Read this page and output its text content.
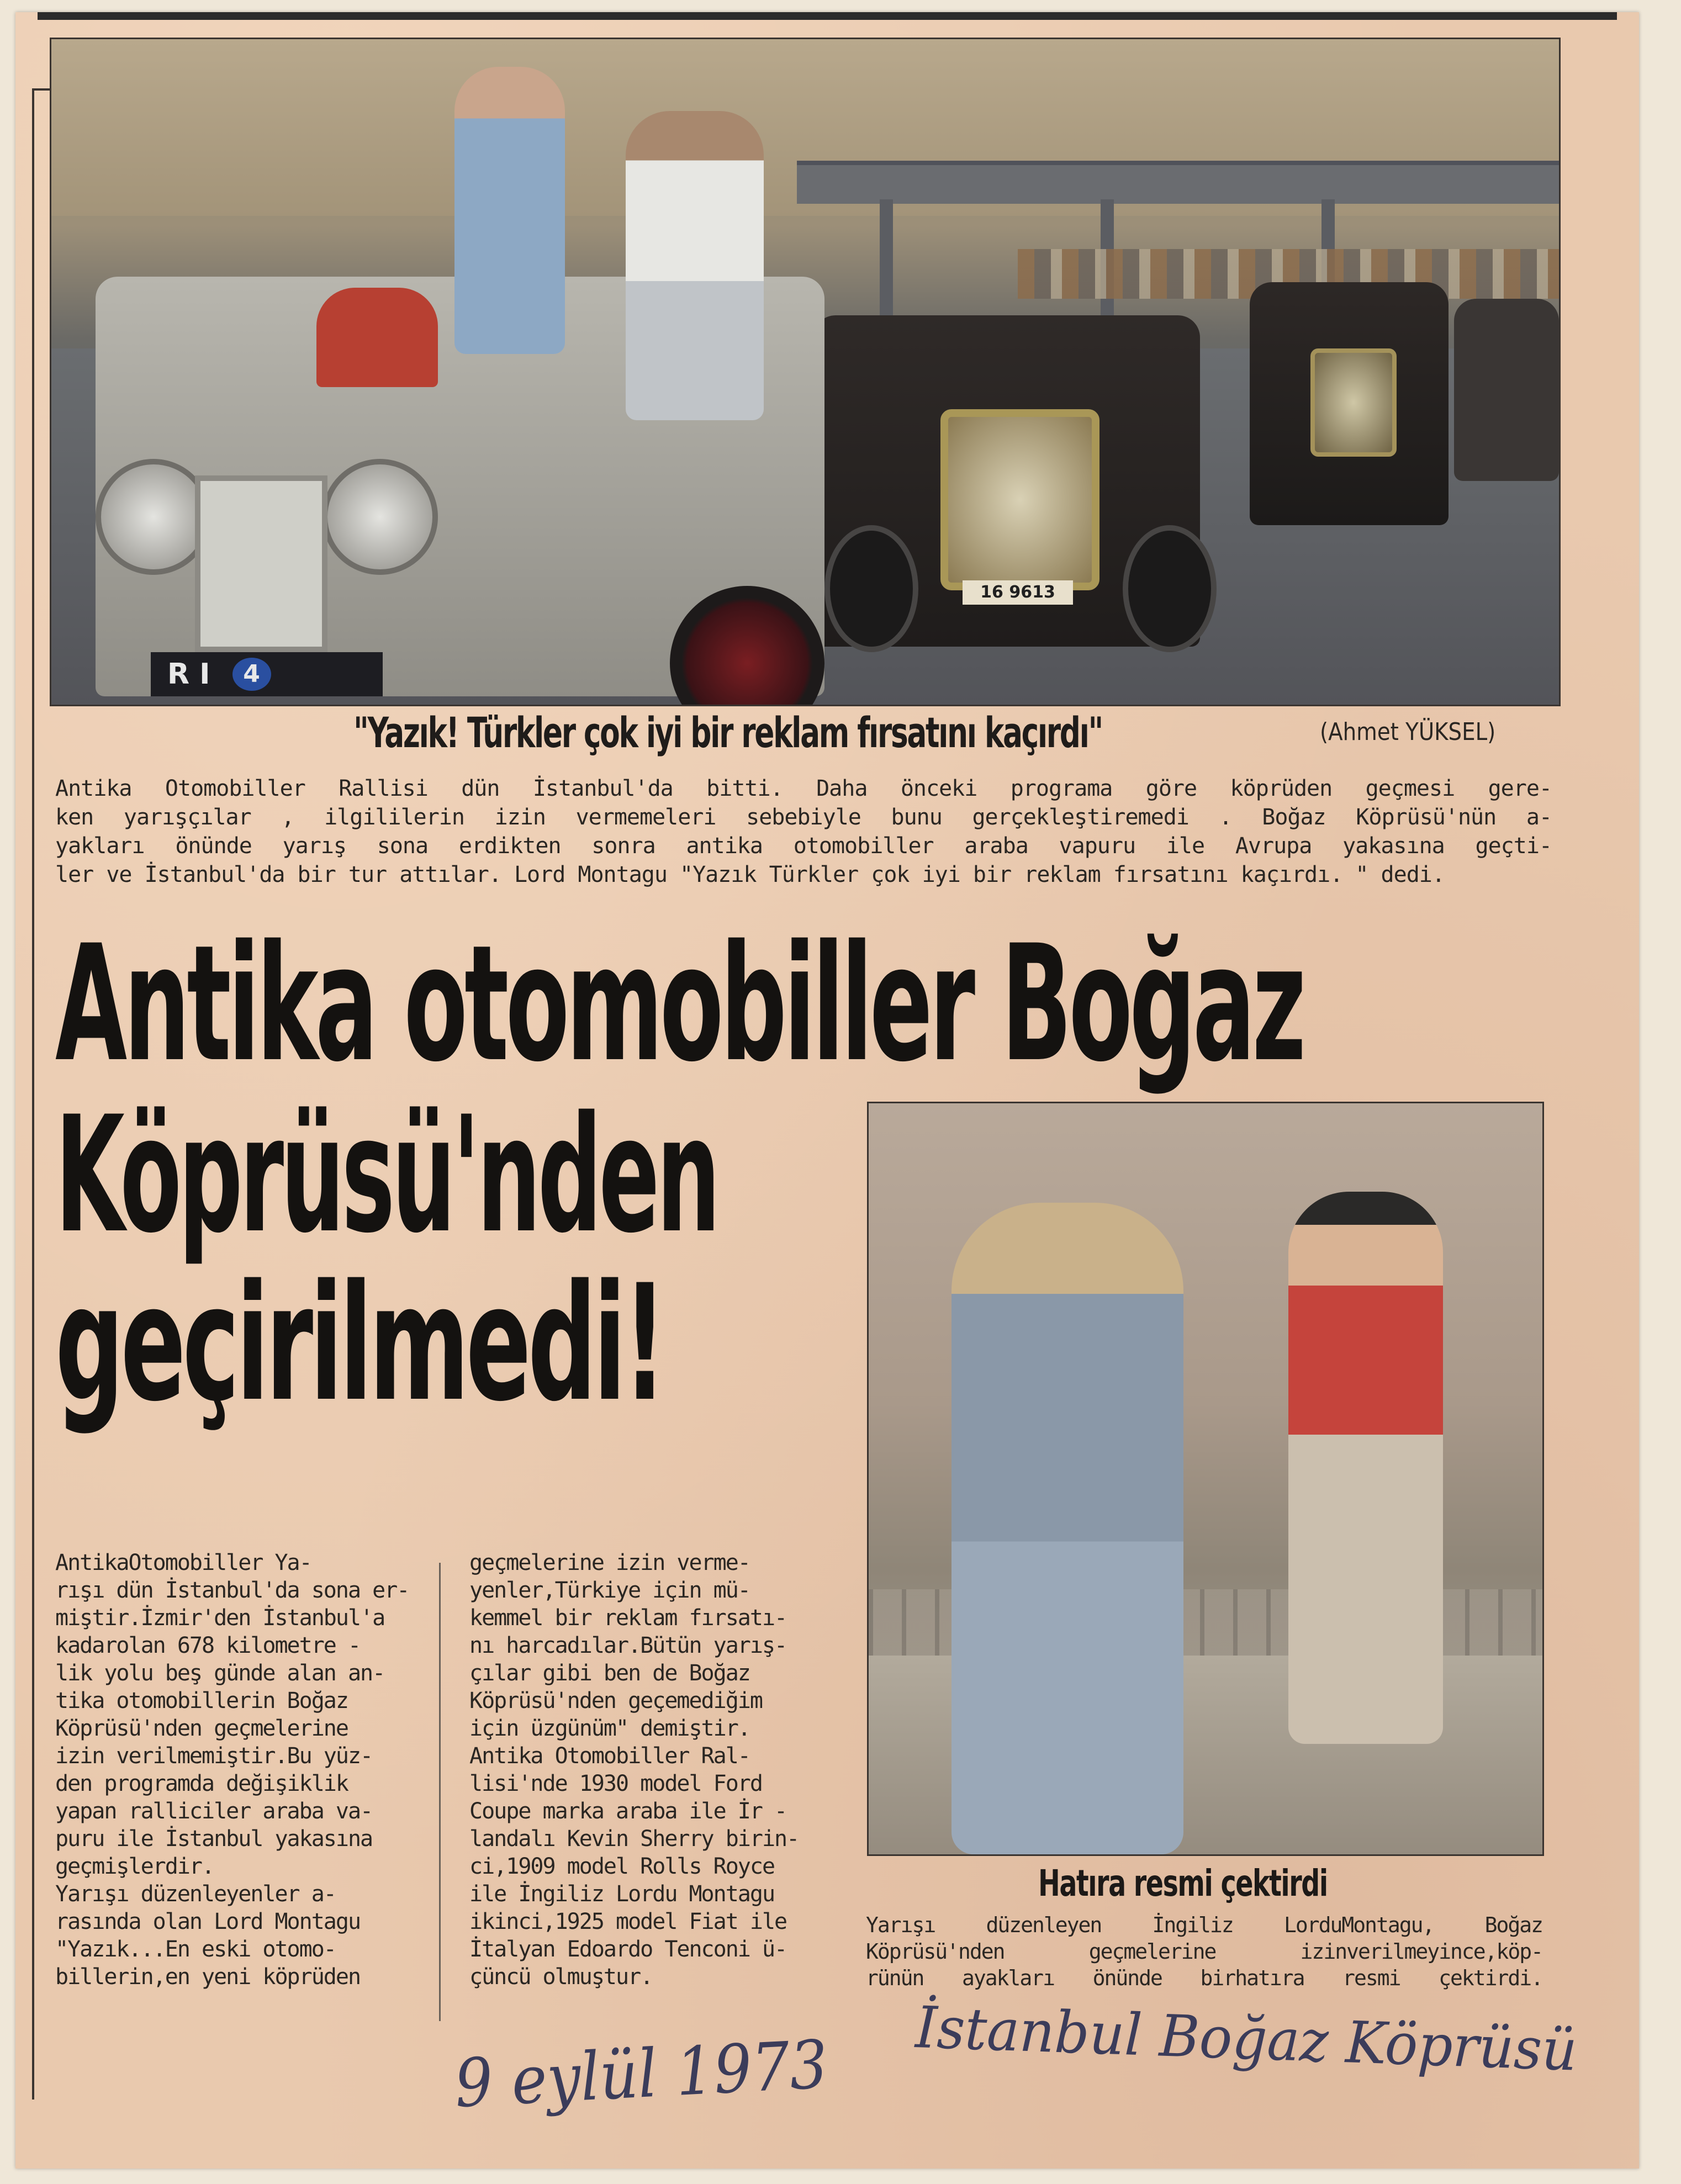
16 9613
R I	4
"Yazık! Türkler çok iyi bir reklam fırsatını kaçırdı"	(Ahmet YÜKSEL)

Antika Otomobiller Rallisi dün İstanbul'da bitti. Daha önceki programa göre köprüden geçmesi gere-

ken yarışçılar , ilgililerin izin vermemeleri sebebiyle bunu gerçekleştiremedi . Boğaz Köprüsü'nün a-

yakları önünde yarış sona erdikten sonra antika otomobiller araba vapuru ile Avrupa yakasına geçti-

ler ve İstanbul'da bir tur attılar. Lord Montagu "Yazık Türkler çok iyi bir reklam fırsatını kaçırdı. " dedi.

Antika otomobiller Boğaz
Köprüsü'nden
geçirilmedi!
Hatıra resmi çektirdi

Yarışı düzenleyen İngiliz LorduMontagu, Boğaz

Köprüsü'nden geçmelerine izinverilmeyince,köp-

rünün ayakları önünde birhatıra resmi çektirdi.

AntikaOtomobiller Ya-

rışı dün İstanbul'da sona er-

miştir.İzmir'den İstanbul'a

kadarolan 678 kilometre -

lik yolu beş günde alan an-

tika otomobillerin Boğaz

Köprüsü'nden geçmelerine

izin verilmemiştir.Bu yüz-

den programda değişiklik

yapan ralliciler araba va-

puru ile İstanbul yakasına

geçmişlerdir.

Yarışı düzenleyenler a-

rasında olan Lord Montagu

"Yazık...En eski otomo-

billerin,en yeni köprüden

geçmelerine izin verme-

yenler,Türkiye için mü-

kemmel bir reklam fırsatı-

nı harcadılar.Bütün yarış-

çılar gibi ben de Boğaz

Köprüsü'nden geçemediğim

için üzgünüm" demiştir.

Antika Otomobiller Ral-

lisi'nde 1930 model Ford

Coupe marka araba ile İr -

landalı Kevin Sherry birin-

ci,1909 model Rolls Royce

ile İngiliz Lordu Montagu

ikinci,1925 model Fiat ile

İtalyan Edoardo Tenconi ü-

çüncü olmuştur.

9 eylül 1973 İstanbul Boğaz Köprüsü
